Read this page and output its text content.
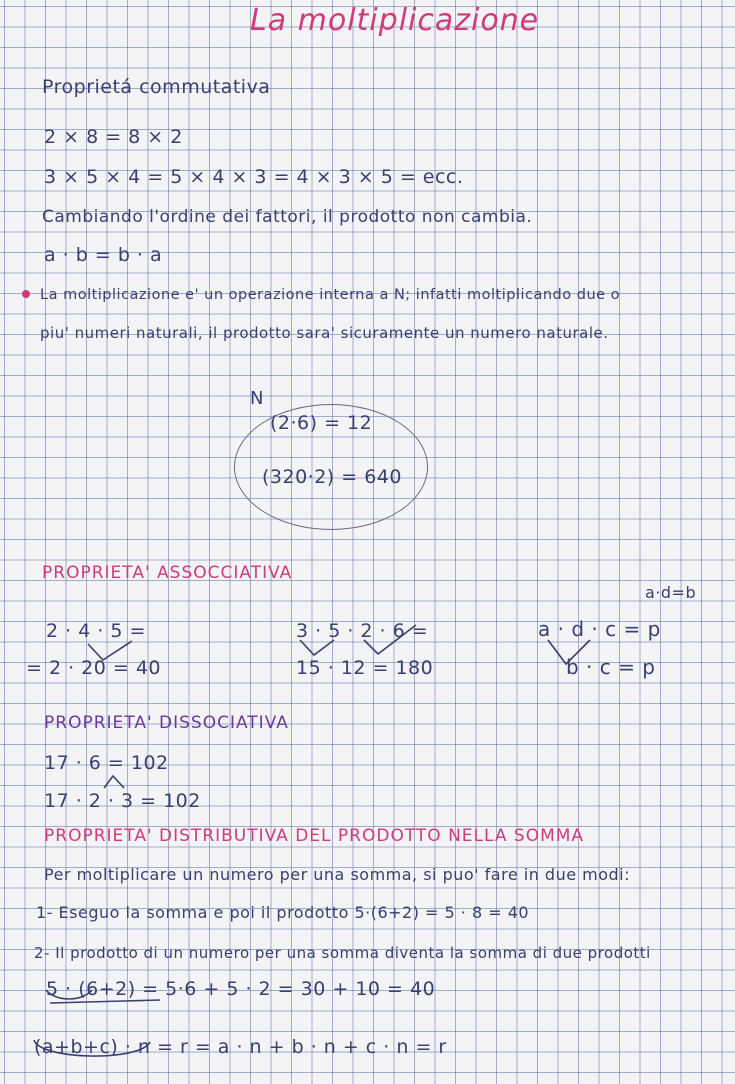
La moltiplicazione

Proprietá commutativa

2 × 8 = 8 × 2

3 × 5 × 4 = 5 × 4 × 3 = 4 × 3 × 5 = ecc.

Cambiando l'ordine dei fattori, il prodotto non cambia.

a · b = b · a

La moltiplicazione e' un operazione interna a N; infatti moltiplicando due o

piu' numeri naturali, il prodotto sara' sicuramente un numero naturale.

N

(2·6) = 12

(320·2) = 640

PROPRIETA' ASSOCCIATIVA

a·d=b

2 · 4 · 5 =

= 2 · 20 = 40

3 · 5 · 2 · 6 =

15 · 12 = 180

a · d · c = p

b · c = p

PROPRIETA' DISSOCIATIVA

17 · 6 = 102

17 · 2 · 3 = 102

PROPRIETA' DISTRIBUTIVA DEL PRODOTTO NELLA SOMMA

Per moltiplicare un numero per una somma, si puo' fare in due modi:

1- Eseguo la somma e poi il prodotto 5·(6+2) = 5 · 8 = 40

2- Il prodotto di un numero per una somma diventa la somma di due prodotti

5 · (6+2) = 5·6 + 5 · 2 = 30 + 10 = 40

(a+b+c) · n = r = a · n + b · n + c · n = r
